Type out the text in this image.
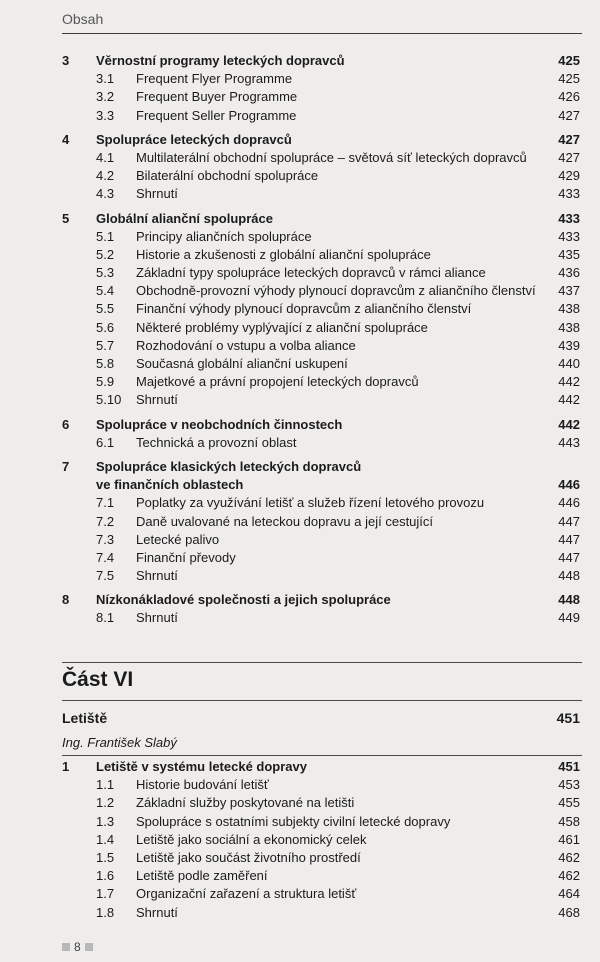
Obsah
3 Věrnostní programy leteckých dopravců	425
3.1 Frequent Flyer Programme	425
3.2 Frequent Buyer Programme	426
3.3 Frequent Seller Programme	427
4 Spolupráce leteckých dopravců	427
4.1 Multilaterální obchodní spolupráce – světová síť leteckých dopravců 427
4.2 Bilaterální obchodní spolupráce	429
4.3 Shrnutí	433
5 Globální alianční spolupráce	433
5.1 Principy aliančních spolupráce	433
5.2 Historie a zkušenosti z globální alianční spolupráce	435
5.3 Základní typy spolupráce leteckých dopravců v rámci aliance	436
5.4 Obchodně-provozní výhody plynoucí dopravcům z aliančního členství 437
5.5 Finanční výhody plynoucí dopravcům z aliančního členství	438
5.6 Některé problémy vyplývající z alianční spolupráce	438
5.7 Rozhodování o vstupu a volba aliance	439
5.8 Současná globální alianční uskupení	440
5.9 Majetkové a právní propojení leteckých dopravců	442
5.10 Shrnutí	442
6 Spolupráce v neobchodních činnostech	442
6.1 Technická a provozní oblast	443
7 Spolupráce klasických leteckých dopravců
ve finančních oblastech	446
7.1 Poplatky za využívání letišť a služeb řízení letového provozu	446
7.2 Daně uvalované na leteckou dopravu a její cestující	447
7.3 Letecké palivo	447
7.4 Finanční převody	447
7.5 Shrnutí	448
8 Nízkonákladové společnosti a jejich spolupráce	448
8.1 Shrnutí	449
Část VI
Letiště	451
Ing. František Slabý
1 Letiště v systému letecké dopravy	451
1.1 Historie budování letišť	453
1.2 Základní služby poskytované na letišti	455
1.3 Spolupráce s ostatními subjekty civilní letecké dopravy	458
1.4 Letiště jako sociální a ekonomický celek	461
1.5 Letiště jako součást životního prostředí	462
1.6 Letiště podle zaměření	462
1.7 Organizační zařazení a struktura letišť	464
1.8 Shrnutí	468
8
